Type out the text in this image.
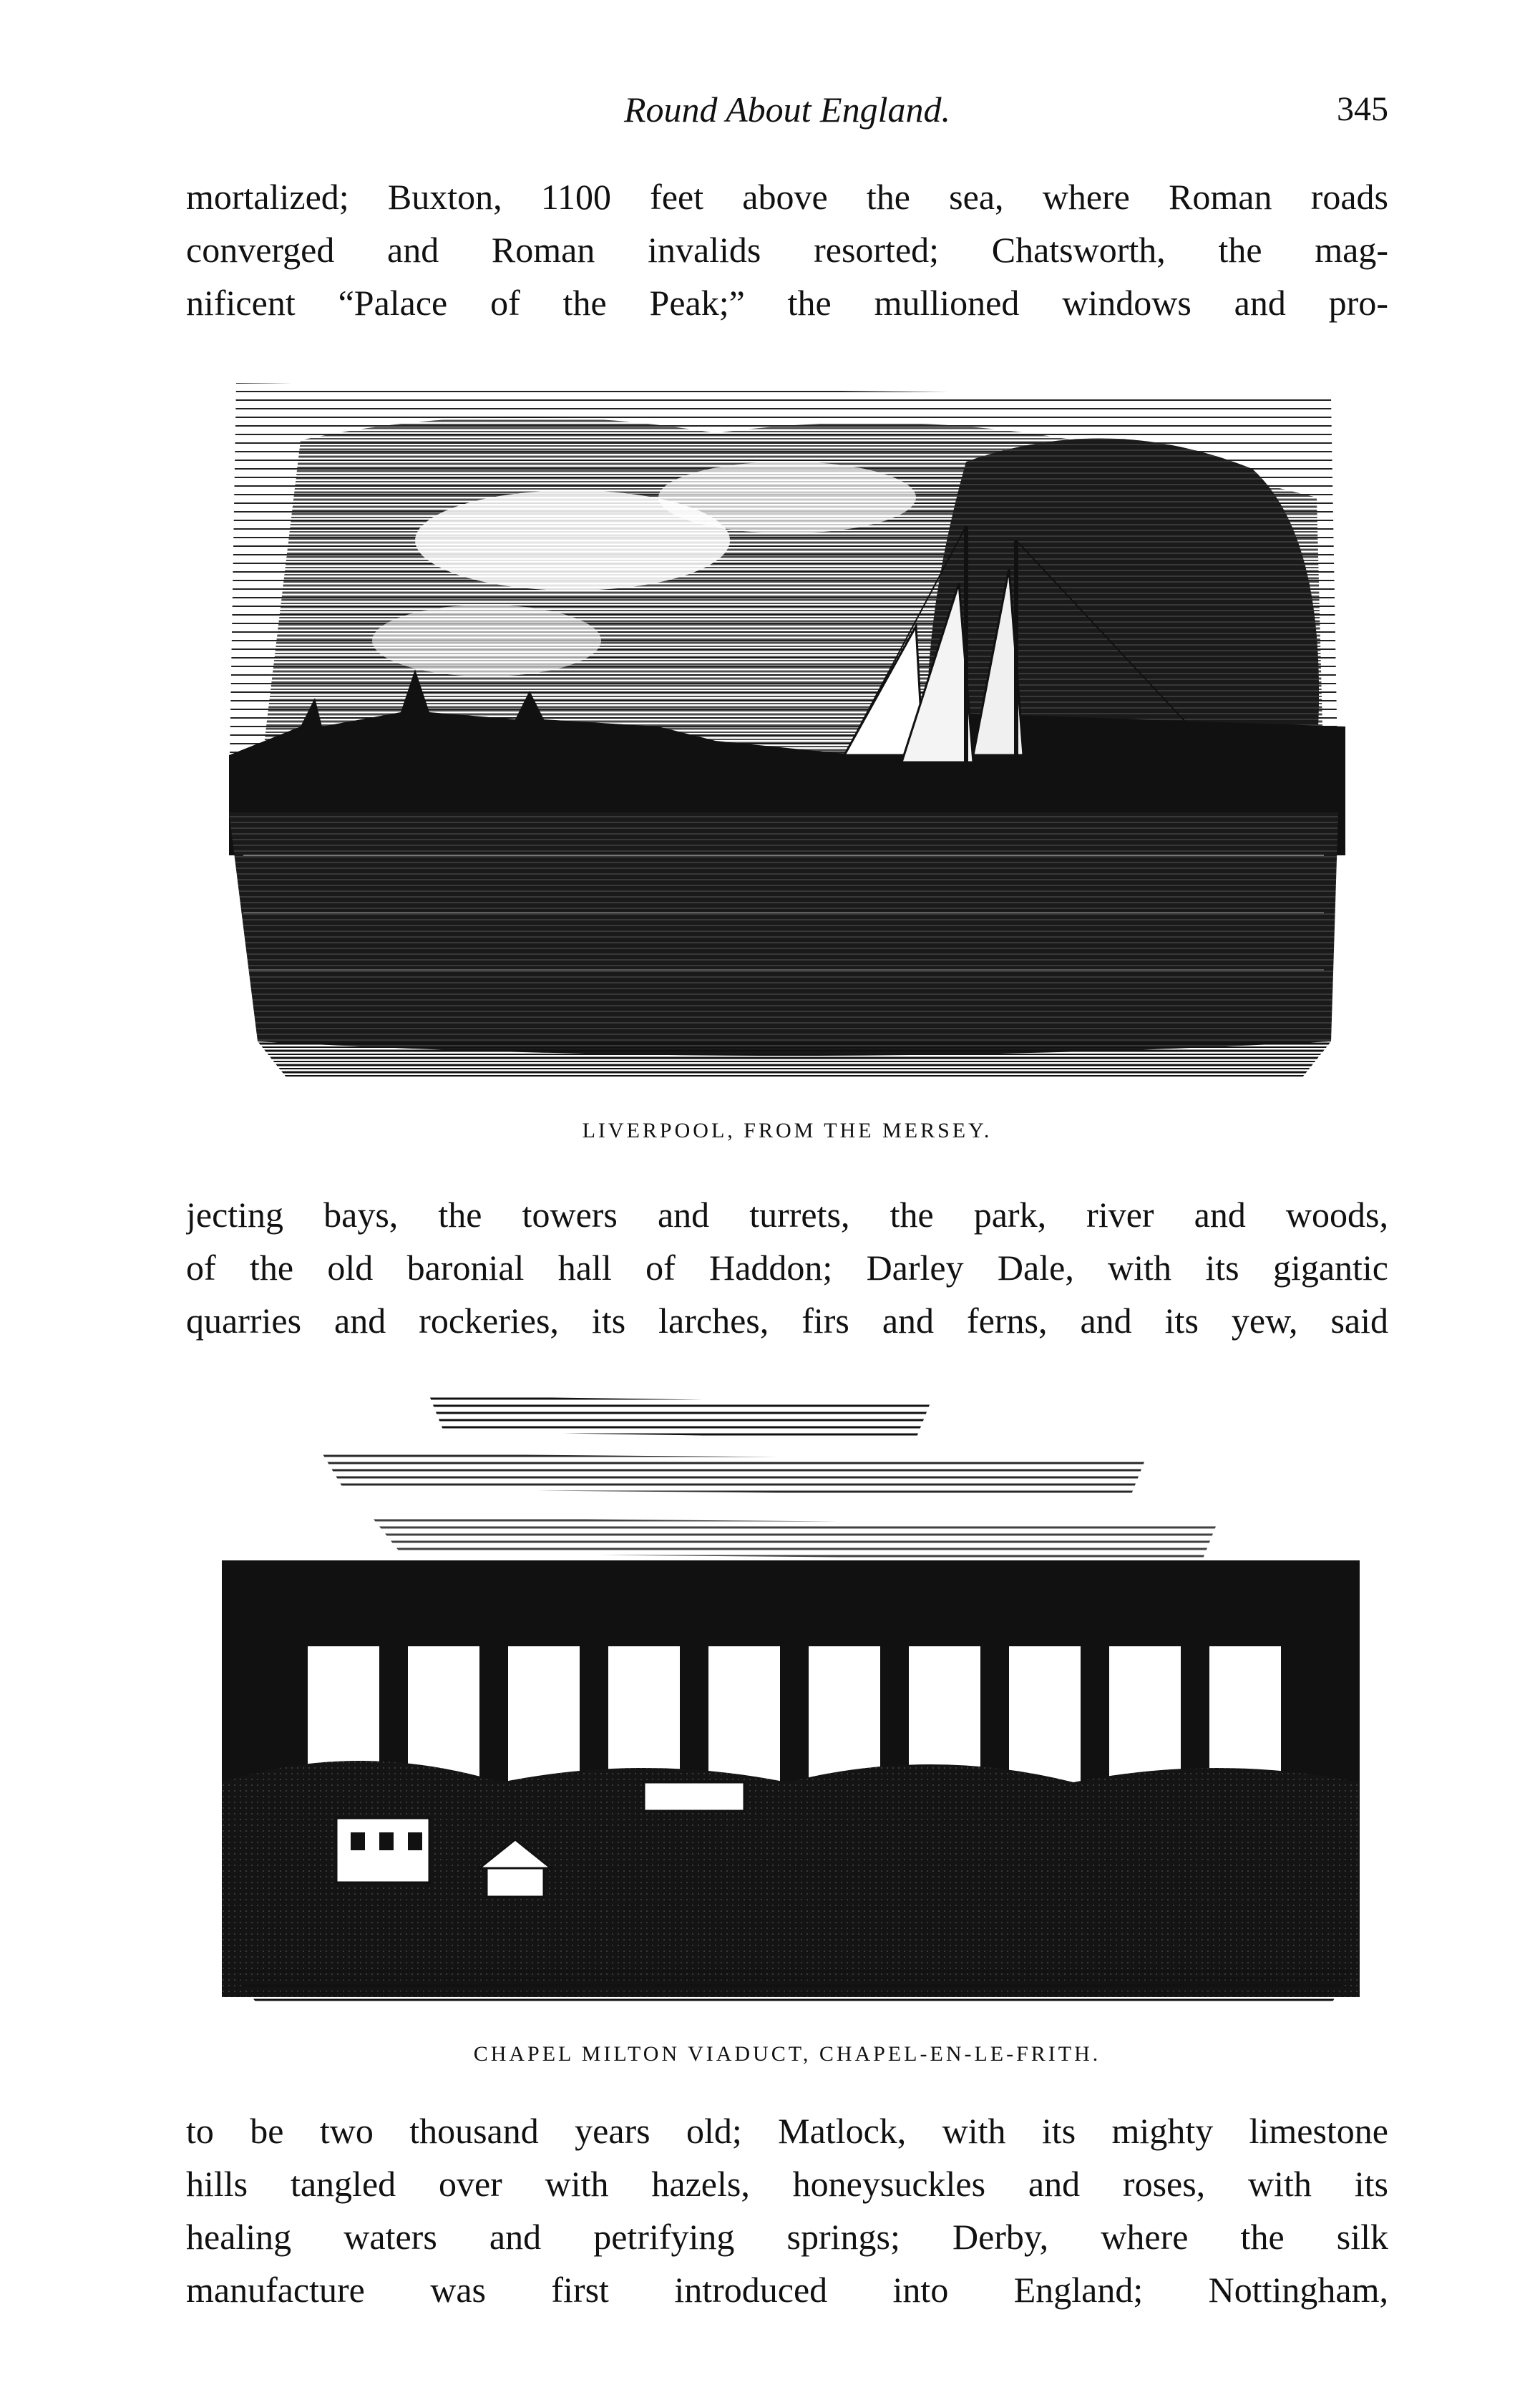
Round About England.	345

mortalized; Buxton, 1100 feet above the sea, where Roman roads
converged and Roman invalids resorted; Chatsworth, the mag-
nificent “Palace of the Peak;” the mullioned windows and pro-

LIVERPOOL, FROM THE MERSEY.

jecting bays, the towers and turrets, the park, river and woods,
of the old baronial hall of Haddon; Darley Dale, with its gigantic
quarries and rockeries, its larches, firs and ferns, and its yew, said

CHAPEL MILTON VIADUCT, CHAPEL-EN-LE-FRITH.

to be two thousand years old; Matlock, with its mighty limestone
hills tangled over with hazels, honeysuckles and roses, with its
healing waters and petrifying springs; Derby, where the silk
manufacture was first introduced into England; Nottingham,
